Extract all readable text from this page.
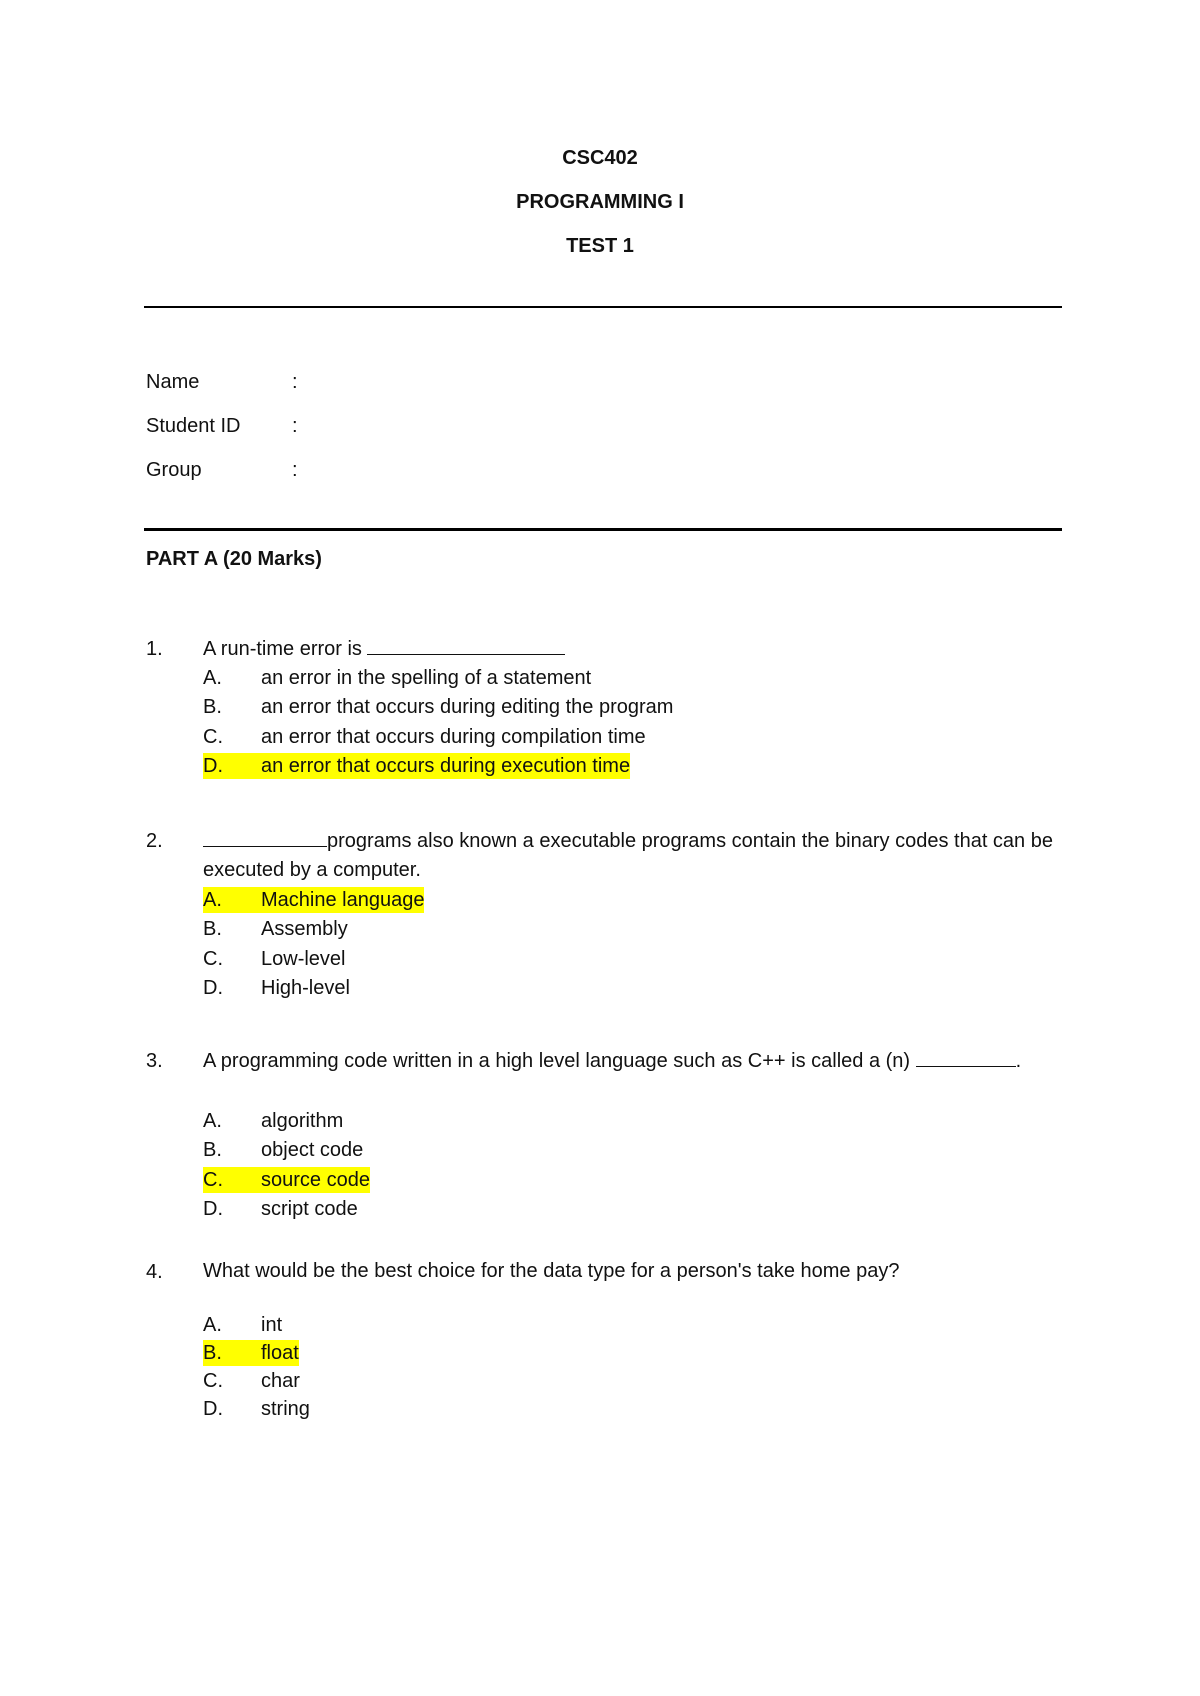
CSC402
PROGRAMMING I
TEST 1
Name	:
Student ID	:
Group	:
PART A (20 Marks)
1. A run-time error is
A. an error in the spelling of a statement
B. an error that occurs during editing the program
C. an error that occurs during compilation time
D. an error that occurs during execution time
2.	programs also known a executable programs contain the binary codes that can be executed by a computer.
A. Machine language
B. Assembly
C. Low-level
D. High-level
3. A programming code written in a high level language such as C++ is called a (n)	.
A. algorithm
B. object code
C. source code
D. script code
4. What would be the best choice for the data type for a person's take home pay?
A. int
B. float
C. char
D. string
